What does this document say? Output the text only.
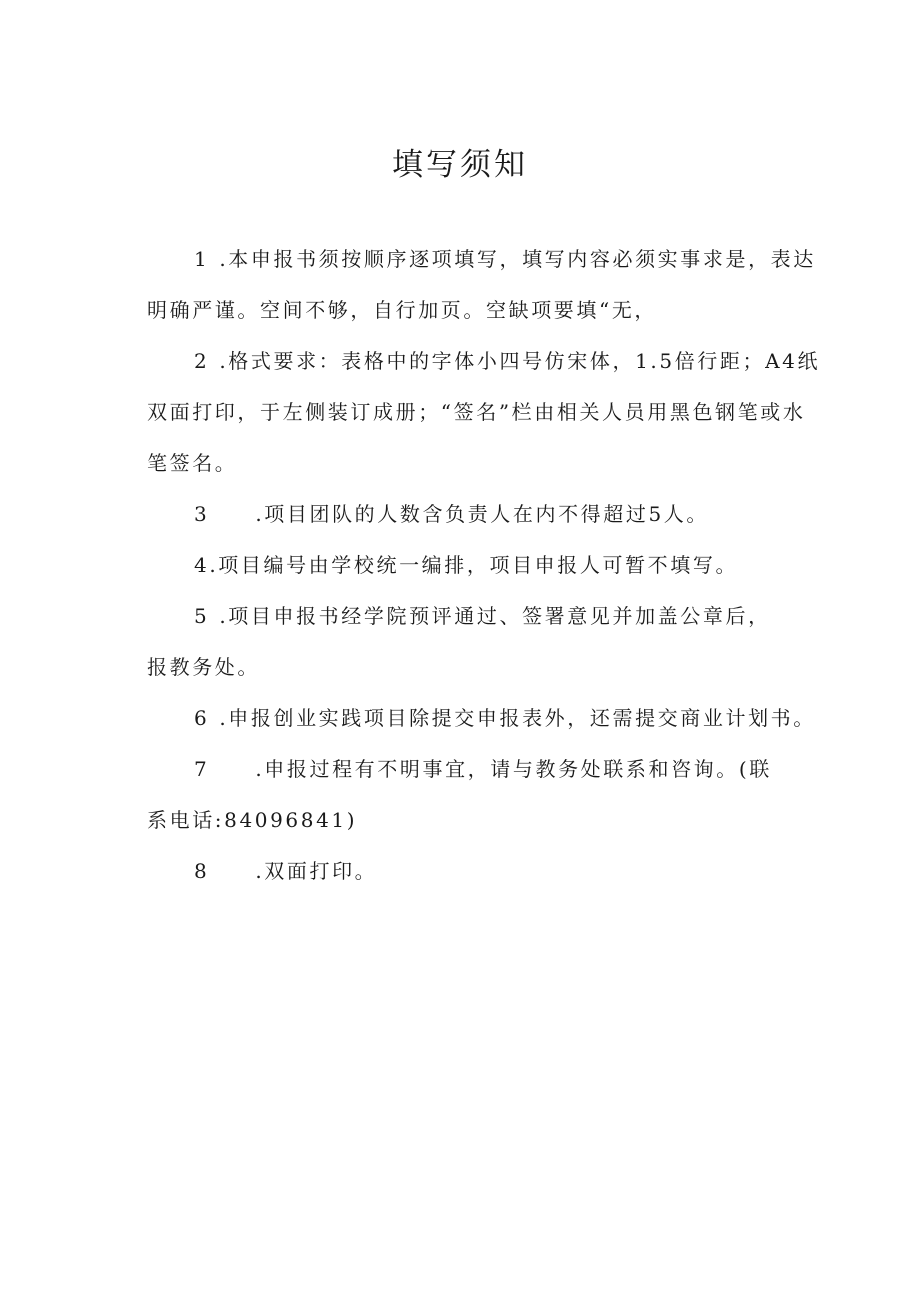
填写须知

1 .本申报书须按顺序逐项填写，填写内容必须实事求是，表达

明确严谨。空间不够，自行加页。空缺项要填“无，

2 .格式要求：表格中的字体小四号仿宋体，1.5倍行距；A4纸

双面打印，于左侧装订成册；“签名”栏由相关人员用黑色钢笔或水

笔签名。

3 .项目团队的人数含负责人在内不得超过5人。

4.项目编号由学校统一编排，项目申报人可暂不填写。

5 .项目申报书经学院预评通过、签署意见并加盖公章后，

报教务处。

6 .申报创业实践项目除提交申报表外，还需提交商业计划书。

7 .申报过程有不明事宜，请与教务处联系和咨询。(联

系电话:84096841)

8 .双面打印。
